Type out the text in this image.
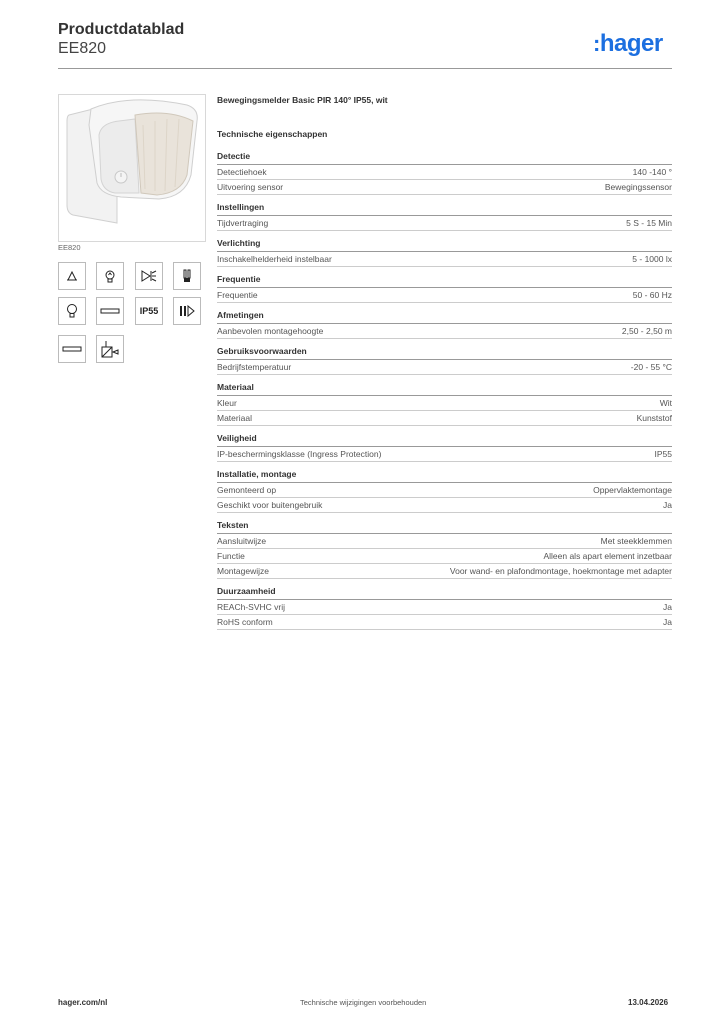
Productdatablad
EE820	:hager
EE820
IP55
Bewegingsmelder Basic PIR 140° IP55, wit
Technische eigenschappen
Detectie
Detectiehoek	140 -140 °
Uitvoering sensor	Bewegingssensor
Instellingen
Tijdvertraging	5 S - 15 Min
Verlichting
Inschakelhelderheid instelbaar	5 - 1000 lx
Frequentie
Frequentie	50 - 60 Hz
Afmetingen
Aanbevolen montagehoogte	2,50 - 2,50 m
Gebruiksvoorwaarden
Bedrijfstemperatuur	-20 - 55 °C
Materiaal
Kleur	Wit
Materiaal	Kunststof
Veiligheid
IP-beschermingsklasse (Ingress Protection)	IP55
Installatie, montage
Gemonteerd op	Oppervlaktemontage
Geschikt voor buitengebruik	Ja
Teksten
Aansluitwijze	Met steekklemmen
Functie	Alleen als apart element inzetbaar
Montagewijze	Voor wand- en plafondmontage, hoekmontage met adapter
Duurzaamheid
REACh-SVHC vrij	Ja
RoHS conform	Ja
hager.com/nl	Technische wijzigingen voorbehouden	13.04.2026
